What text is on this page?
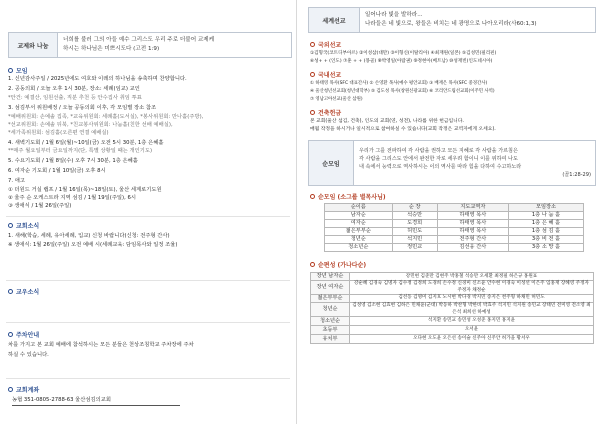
교제와 나눔
너희를 불러 그의 아들 예수 그리스도 우리 주로 더불어 교제케
하시는 하나님은 미쁘시도다 (고전 1:9)
모임
1. 신년감사주일 / 2025년에도 여호와 이레의 하나님을 송축하며 찬양합니다.
2. 공동의회 / 오늘 오후 1시 30분, 장소: 세례(임교) 교인
*안건: 예결산, 임원선출, 직분 추천 등 안수집사 취임 투표
3. 섬김부서 위원배정 / 오늘 공동의회 이후, 각 모임별 장소 참조
*예배위원회: 손예솔 집족, *교육위원회: 세례홀(도서실), *봉사위원회: 만나홀(주방),
*선교위원회: 손예솔 뒤북, *친교봉사위원회: 나눔홀(친한 선배 예배실),
*세가족위원회: 섬김홀(오른편 연결 예배실)
4. 새벽기도회 / 1월 6일(월)~10일(금) 오전 5시 30분, 1층 은혜홀
**매주 월요일부터 금요일까지(단, 특별 상황일 때는 개인기도)
5. 수요기도회 / 1월 8일(수) 오후 7시 30분, 1층 은혜홀
6. 여자순 기도회 / 1월 10일(금) 오후 8시
7. 애고
① 더원드 거실 랩프 / 1월 16일(목)~18일(토), 울산 세계로기도원
② 울주 순 오케스트라 지역 섬김 / 1월 19일(주일), 6시
③ 생애식 / 1월 26일(주일)
교회소식
1. 새해(학습, 세례, 유아세례, 입교) 신청 바랍니다(신청: 전주형 간사)
※ 생애식: 1월 26일(주일) 오전 예배 시(세례교육: 담임목사와 일정 조율)
교우소식
주차안내
차를 가지고 본 교회 예배에 참석하시는 모든 분들은 천상조침학교 주차장에 주차
하실 수 있습니다.
교회계좌
농협 351-0805-2788-63 울산섬김의교회
세계선교
일어나라 빛을 발하라...
나라들은 네 빛으로, 왕들은 비치는 네 광명으로 나아오리라(사60:1,3)
국외선교
①김형국(코트디부아르) ②이성삼(대만) ③이형신(이탈리아) ④최재원(일본) ⑤김성민(필리핀)
⑥성+ + (인도) ⑦훈 + + (몽골) ⑧박영일(아랍권) ⑨정현아(베트남) ⑩성재빈(인도네시아)
국내선교
① 하태영 목사(SFC 대표간사) ② 손영환 목사(예수 평안교회) ③ 배재은 목사(SFC 중경간사)
④ 울산청년선교회(청년대학부) ⑤ 김도성 목사(창원신광교회) ⑥ 코리안드림선교회(이주민 사역)
⑦ 영남고아선교(울산 삼원)
건축헌금
본 교회(울산 섬김, 건축), 인도의 교회(연, 성전), 나라를 위한 헌금입니다.
매월 작정을 하시거나 일시적으로 참여하실 수 있습니다(교회 작정은 교역자에게 오세요).
순모임
우리가 그를 전파하여 각 사람을 권하고 모든 지혜로 각 사람을 가르침은
각 사람을 그리스도 안에서 완전한 자로 세우려 함이니 이를 위하여 나도
내 속에서 능력으로 역사하시는 이의 역사를 따라 힘을 다하여 수고하노라
(골1:28-29)
순모임 (소그룹 별목사님)
순이름	순 장	지도교역자	모임장소
남자순	석승만	하태영 목사	1층 나 눔 홀
여자순	도경희	하태영 목사	1층 은 혜 홀
젊은부부순	허민도	하태영 목사	1층 섬 김 홀
청년순	석지민	전주형 간사	3층 비 전 홀
청소년순	정민교	김선웅 간사	3층 소 망 홀
순편성 (가나다순)
장년 남자순	강민현 김준만 김현주 박홍철 석승만 오세환 최정필 하은규 홍원표
장년 여자순	강순혜 김경숙 김명자 김수정 김정희 도경희 손수정 신경미 신소윤 안수현 이경숙 이성선 이은주 임홍재 장혜영 주정자 주정자 채정순
젊은부부순	김선동 김명미 김지호 노시현 박다경 박지민 송지은 천주형 하채민 허민도
청년순	김성영 김소현 김효현 김하은 민채윤(군대) 박동하 박찬형 박한비 박효주 석지민 석지원 송민교 장태민 전미영 전소영 최은석 최희선 하예성
청소년순	석지환 송민교 송민성 오성준 홍지민 홍지윤
초등부	오서윤
유치부	오다현 오도윤 오은선 송이슬 신주아 신주안 허가을 황서우
